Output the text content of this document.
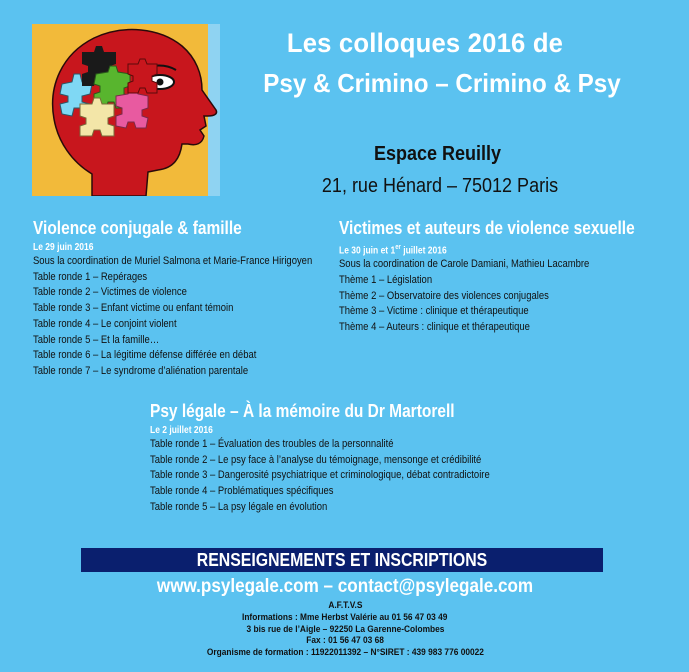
Les colloques 2016 de
Psy & Crimino – Crimino & Psy
Espace Reuilly
21, rue Hénard – 75012 Paris
Violence conjugale & famille
Le 29 juin 2016
Sous la coordination de Muriel Salmona et Marie-France Hirigoyen
Table ronde 1 – Repérages
Table ronde 2 – Victimes de violence
Table ronde 3 – Enfant victime ou enfant témoin
Table ronde 4 – Le conjoint violent
Table ronde 5 – Et la famille…
Table ronde 6 – La légitime défense différée en débat
Table ronde 7 – Le syndrome d’aliénation parentale
Victimes et auteurs de violence sexuelle
Le 30 juin et 1er juillet 2016
Sous la coordination de Carole Damiani, Mathieu Lacambre
Thème 1 – Législation
Thème 2 – Observatoire des violences conjugales
Thème 3 – Victime : clinique et thérapeutique
Thème 4 – Auteurs : clinique et thérapeutique
Psy légale – À la mémoire du Dr Martorell
Le 2 juillet 2016
Table ronde 1 – Évaluation des troubles de la personnalité
Table ronde 2 – Le psy face à l’analyse du témoignage, mensonge et crédibilité
Table ronde 3 – Dangerosité psychiatrique et criminologique, débat contradictoire
Table ronde 4 – Problématiques spécifiques
Table ronde 5 – La psy légale en évolution
RENSEIGNEMENTS ET INSCRIPTIONS
www.psylegale.com – contact@psylegale.com
A.F.T.V.S
Informations : Mme Herbst Valérie au 01 56 47 03 49
3 bis rue de l’Aigle – 92250 La Garenne-Colombes
Fax : 01 56 47 03 68
Organisme de formation : 11922011392 – N°SIRET : 439 983 776 00022
